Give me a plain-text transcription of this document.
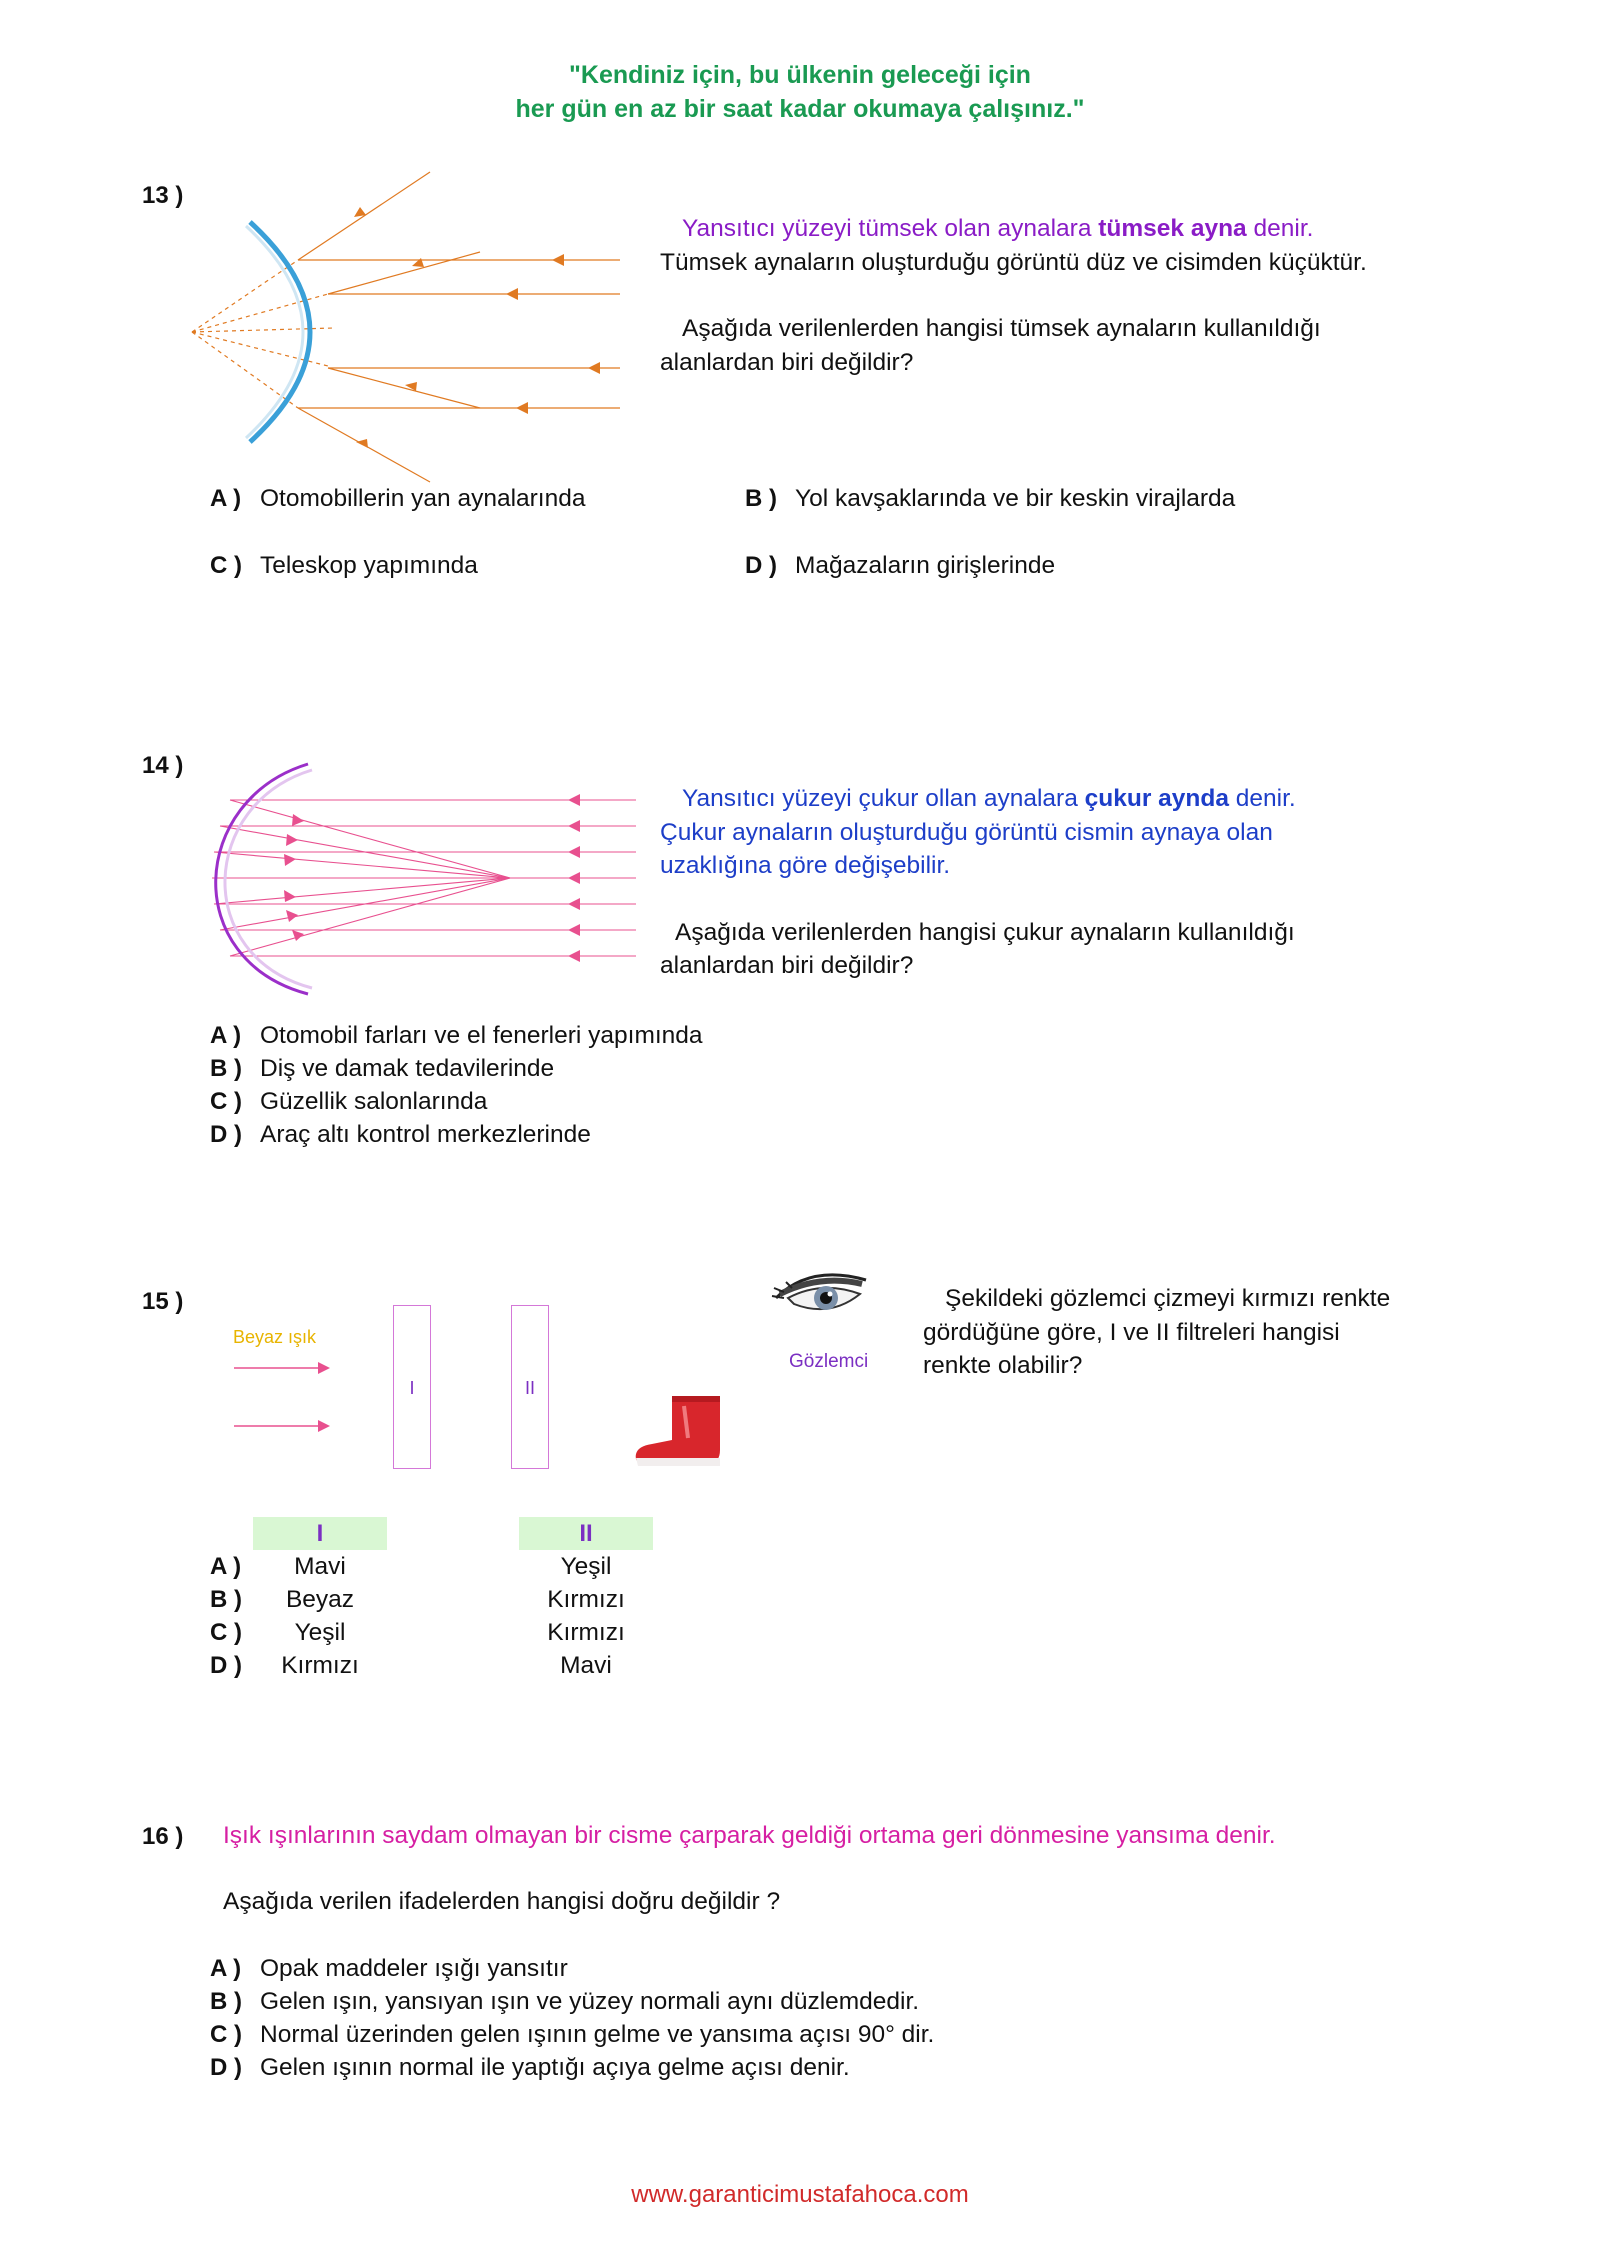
"Kendiniz için, bu ülkenin geleceği için
her gün en az bir saat kadar okumaya çalışınız."
13 )
Yansıtıcı yüzeyi tümsek olan aynalara tümsek ayna denir.
Tümsek aynaların oluşturduğu görüntü düz ve cisimden küçüktür.
Aşağıda verilenlerden hangisi tümsek aynaların kullanıldığı
alanlardan biri değildir?
A ) Otomobillerin yan aynalarında	B ) Yol kavşaklarında ve bir keskin virajlarda
C ) Teleskop yapımında	D ) Mağazaların girişlerinde
14 )
Yansıtıcı yüzeyi çukur ollan aynalara çukur aynda denir.
Çukur aynaların oluşturduğu görüntü cismin aynaya olan
uzaklığına göre değişebilir.
Aşağıda verilenlerden hangisi çukur aynaların kullanıldığı
alanlardan biri değildir?
A ) Otomobil farları ve el fenerleri yapımında
B ) Diş ve damak tedavilerinde
C ) Güzellik salonlarında
D ) Araç altı kontrol merkezlerinde
15 )
Beyaz ışık
I	II
Gözlemci
Şekildeki gözlemci çizmeyi kırmızı renkte
gördüğüne göre, I ve II filtreleri hangisi
renkte olabilir?
I	II
A )	Mavi	Yeşil
B )	Beyaz	Kırmızı
C )	Yeşil	Kırmızı
D )	Kırmızı	Mavi
16 ) Işık ışınlarının saydam olmayan bir cisme çarparak geldiği ortama geri dönmesine yansıma denir.
Aşağıda verilen ifadelerden hangisi doğru değildir ?
A ) Opak maddeler ışığı yansıtır
B ) Gelen ışın, yansıyan ışın ve yüzey normali aynı düzlemdedir.
C ) Normal üzerinden gelen ışının gelme ve yansıma açısı 90° dir.
D ) Gelen ışının normal ile yaptığı açıya gelme açısı denir.
www.garanticimustafahoca.com
